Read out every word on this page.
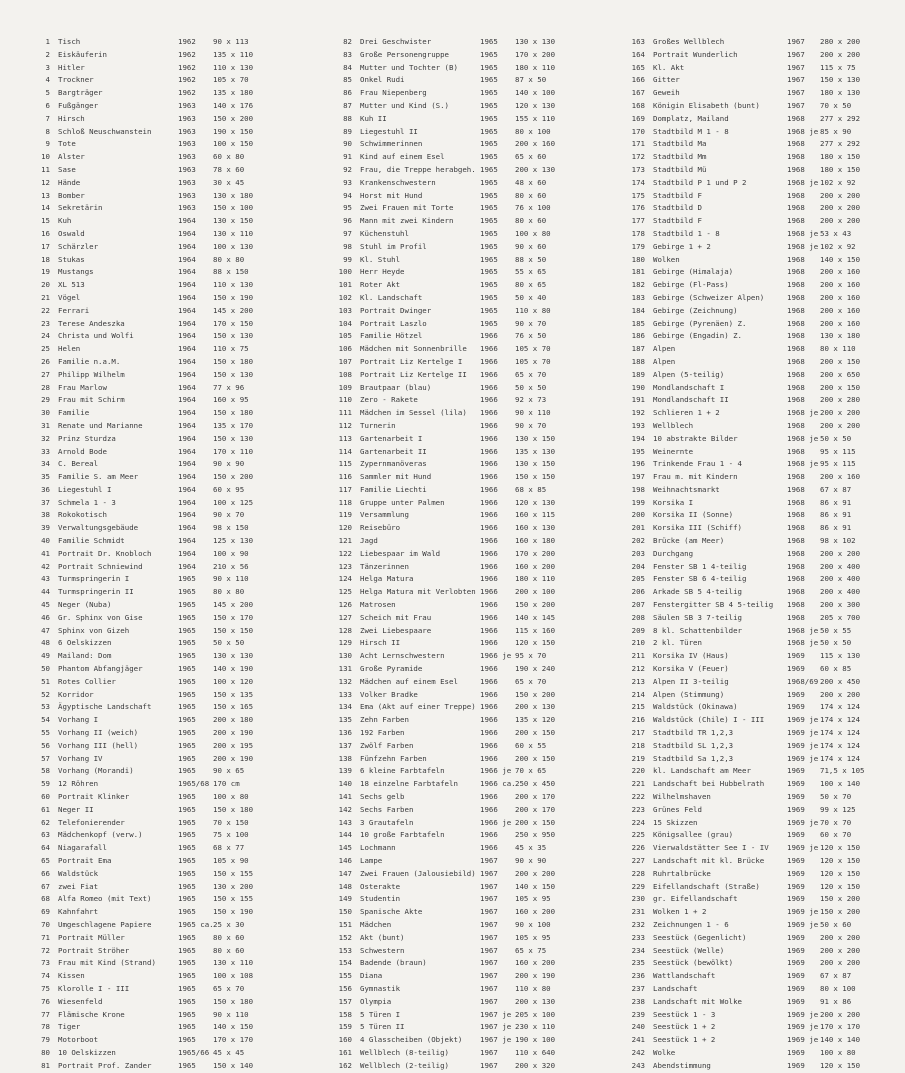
1 Tisch	1962 90 x 113
2 Eiskäuferin	1962 135 x 110
3 Hitler	1962 110 x 130
4 Trockner	1962 105 x 70
5 Bargträger	1962 135 x 180
6 Fußgänger	1963 140 x 176
7 Hirsch	1963 150 x 200
8 Schloß Neuschwanstein	1963 190 x 150
9 Tote	1963 100 x 150
10 Alster	1963 60 x 80
11 Sase	1963 78 x 60
12 Hände	1963 30 x 45
13 Bomber	1963 130 x 180
14 Sekretärin	1963 150 x 100
15 Kuh	1964 130 x 150
16 Oswald	1964 130 x 110
17 Schärzler	1964 100 x 130
18 Stukas	1964 80 x 80
19 Mustangs	1964 88 x 150
20 XL 513	1964 110 x 130
21 Vögel	1964 150 x 190
22 Ferrari	1964 145 x 200
23 Terese Andeszka	1964 170 x 150
24 Christa und Wolfi	1964 150 x 130
25 Helen	1964 110 x 75
26 Familie n.a.M.	1964 150 x 180
27 Philipp Wilhelm	1964 150 x 130
28 Frau Marlow	1964 77 x 96
29 Frau mit Schirm	1964 160 x 95
30 Familie	1964 150 x 180
31 Renate und Marianne	1964 135 x 170
32 Prinz Sturdza	1964 150 x 130
33 Arnold Bode	1964 170 x 110
34 C. Bereal	1964 90 x 90
35 Familie S. am Meer	1964 150 x 200
36 Liegestuhl I	1964 60 x 95
37 Schmela 1 - 3	1964 100 x 125
38 Rokokotisch	1964 90 x 70
39 Verwaltungsgebäude	1964 98 x 150
40 Familie Schmidt	1964 125 x 130
41 Portrait Dr. Knobloch	1964 100 x 90
42 Portrait Schniewind	1964 210 x 56
43 Turmspringerin I	1965 90 x 110
44 Turmspringerin II	1965 80 x 80
45 Neger (Nuba)	1965 145 x 200
46 Gr. Sphinx von Gise	1965 150 x 170
47 Sphinx von Gizeh	1965 150 x 150
48 6 Oelskizzen	1965 50 x 50
49 Mailand: Dom	1965 130 x 130
50 Phantom Abfangjäger	1965 140 x 190
51 Rotes Collier	1965 100 x 120
52 Korridor	1965 150 x 135
53 Ägyptische Landschaft	1965 150 x 165
54 Vorhang I	1965 200 x 180
55 Vorhang II (weich)	1965 200 x 190
56 Vorhang III (hell)	1965 200 x 195
57 Vorhang IV	1965 200 x 190
58 Vorhang (Morandi)	1965 90 x 65
59 12 Röhren	1965/68 170 cm
60 Portrait Klinker	1965 100 x 80
61 Neger II	1965 150 x 180
62 Telefonierender	1965 70 x 150
63 Mädchenkopf (verw.)	1965 75 x 100
64 Niagarafall	1965 68 x 77
65 Portrait Ema	1965 105 x 90
66 Waldstück	1965 150 x 155
67 zwei Fiat	1965 130 x 200
68 Alfa Romeo (mit Text)	1965 150 x 155
69 Kahnfahrt	1965 150 x 190
70 Umgeschlagene Papiere	1965 ca. 25 x 30
71 Portrait Müller	1965 80 x 60
72 Portrait Ströher	1965 80 x 60
73 Frau mit Kind (Strand)	1965 130 x 110
74 Kissen	1965 100 x 108
75 Klorolle I - III	1965 65 x 70
76 Wiesenfeld	1965 150 x 180
77 Flämische Krone	1965 90 x 110
78 Tiger	1965 140 x 150
79 Motorboot	1965 170 x 170
80 10 Oelskizzen	1965/66 45 x 45
81 Portrait Prof. Zander	1965 150 x 140
82 Drei Geschwister	1965 130 x 130
83 Große Personengruppe	1965 170 x 200
84 Mutter und Tochter (B)	1965 180 x 110
85 Onkel Rudi	1965 87 x 50
86 Frau Niepenberg	1965 140 x 100
87 Mutter und Kind (S.)	1965 120 x 130
88 Kuh II	1965 155 x 110
89 Liegestuhl II	1965 80 x 100
90 Schwimmerinnen	1965 200 x 160
91 Kind auf einem Esel	1965 65 x 60
92 Frau, die Treppe herabgeh. 1965 200 x 130
93 Krankenschwestern	1965 48 x 60
94 Horst mit Hund	1965 80 x 60
95 Zwei Frauen mit Torte	1965 76 x 100
96 Mann mit zwei Kindern	1965 80 x 60
97 Küchenstuhl	1965 100 x 80
98 Stuhl im Profil	1965 90 x 60
99 Kl. Stuhl	1965 88 x 50
100 Herr Heyde	1965 55 x 65
101 Roter Akt	1965 80 x 65
102 Kl. Landschaft	1965 50 x 40
103 Portrait Dwinger	1965 110 x 80
104 Portrait Laszlo	1965 90 x 70
105 Familie Hötzel	1966 76 x 50
106 Mädchen mit Sonnenbrille 1966 105 x 70
107 Portrait Liz Kertelge I 1966 105 x 70
108 Portrait Liz Kertelge II 1966 65 x 70
109 Brautpaar (blau)	1966 50 x 50
110 Zero - Rakete	1966 92 x 73
111 Mädchen im Sessel (lila) 1966 90 x 110
112 Turnerin	1966 90 x 70
113 Gartenarbeit I	1966 130 x 150
114 Gartenarbeit II	1966 135 x 130
115 Zypernmanöveras	1966 130 x 150
116 Sammler mit Hund	1966 150 x 150
117 Familie Liechti	1966 68 x 85
118 Gruppe unter Palmen	1966 120 x 130
119 Versammlung	1966 160 x 115
120 Reisebüro	1966 160 x 130
121 Jagd	1966 160 x 180
122 Liebespaar im Wald	1966 170 x 200
123 Tänzerinnen	1966 160 x 200
124 Helga Matura	1966 180 x 110
125 Helga Matura mit Verlobten 1966 200 x 100
126 Matrosen	1966 150 x 200
127 Scheich mit Frau	1966 140 x 145
128 Zwei Liebespaare	1966 115 x 160
129 Hirsch II	1966 120 x 150
130 Acht Lernschwestern	1966 je 95 x 70
131 Große Pyramide	1966 190 x 240
132 Mädchen auf einem Esel	1966 65 x 70
133 Volker Bradke	1966 150 x 200
134 Ema (Akt auf einer Treppe) 1966 200 x 130
135 Zehn Farben	1966 135 x 120
136 192 Farben	1966 200 x 150
137 Zwölf Farben	1966 60 x 55
138 Fünfzehn Farben	1966 200 x 150
139 6 kleine Farbtafeln	1966 je 70 x 65
140 18 einzelne Farbtafeln	1966 ca. 250 x 450
141 Sechs gelb	1966 200 x 170
142 Sechs Farben	1966 200 x 170
143 3 Grautafeln	1966 je 200 x 150
144 10 große Farbtafeln	1966 250 x 950
145 Lochmann	1966 45 x 35
146 Lampe	1967 90 x 90
147 Zwei Frauen (Jalousiebild) 1967 200 x 200
148 Osterakte	1967 140 x 150
149 Studentin	1967 105 x 95
150 Spanische Akte	1967 160 x 200
151 Mädchen	1967 90 x 100
152 Akt (bunt)	1967 105 x 95
153 Schwestern	1967 65 x 75
154 Badende (braun)	1967 160 x 200
155 Diana	1967 200 x 190
156 Gymnastik	1967 110 x 80
157 Olympia	1967 200 x 130
158 5 Türen I	1967 je 205 x 100
159 5 Türen II	1967 je 230 x 110
160 4 Glasscheiben (Objekt) 1967 je 190 x 100
161 Wellblech (8-teilig)	1967 110 x 640
162 Wellblech (2-teilig)	1967 200 x 320
163 Großes Wellblech	1967 280 x 200
164 Portrait Wunderlich	1967 200 x 200
165 Kl. Akt	1967 115 x 75
166 Gitter	1967 150 x 130
167 Geweih	1967 180 x 130
168 Königin Elisabeth (bunt)	1967 70 x 50
169 Domplatz, Mailand	1968 277 x 292
170 Stadtbild M 1 - 8	1968 je 85 x 90
171 Stadtbild Ma	1968 277 x 292
172 Stadtbild Mm	1968 180 x 150
173 Stadtbild Mü	1968 180 x 150
174 Stadtbild P 1 und P 2	1968 je 102 x 92
175 Stadtbild F	1968 200 x 200
176 Stadtbild D	1968 200 x 200
177 Stadtbild F	1968 200 x 200
178 Stadtbild 1 - 8	1968 je 53 x 43
179 Gebirge 1 + 2	1968 je 102 x 92
180 Wolken	1968 140 x 150
181 Gebirge (Himalaja)	1968 200 x 160
182 Gebirge (Fl-Pass)	1968 200 x 160
183 Gebirge (Schweizer Alpen)	1968 200 x 160
184 Gebirge (Zeichnung)	1968 200 x 160
185 Gebirge (Pyrenäen) Z.	1968 200 x 160
186 Gebirge (Engadin) Z.	1968 130 x 180
187 Alpen	1968 80 x 110
188 Alpen	1968 200 x 150
189 Alpen (5-teilig)	1968 200 x 650
190 Mondlandschaft I	1968 200 x 150
191 Mondlandschaft II	1968 200 x 280
192 Schlieren 1 + 2	1968 je 200 x 200
193 Wellblech	1968 200 x 200
194 10 abstrakte Bilder	1968 je 50 x 50
195 Weinernte	1968 95 x 115
196 Trinkende Frau 1 - 4	1968 je 95 x 115
197 Frau m. mit Kindern	1968 200 x 160
198 Weihnachtsmarkt	1968 67 x 87
199 Korsika I	1968 86 x 91
200 Korsika II (Sonne)	1968 86 x 91
201 Korsika III (Schiff)	1968 86 x 91
202 Brücke (am Meer)	1968 98 x 102
203 Durchgang	1968 200 x 200
204 Fenster SB 1 4-teilig	1968 200 x 400
205 Fenster SB 6 4-teilig	1968 200 x 400
206 Arkade SB 5 4-teilig	1968 200 x 400
207 Fenstergitter SB 4 5-teilig 1968 200 x 300
208 Säulen SB 3 7-teilig	1968 205 x 700
209 8 kl. Schattenbilder	1968 je 50 x 55
210 2 kl. Türen	1968 je 50 x 50
211 Korsika IV (Haus)	1969 115 x 130
212 Korsika V (Feuer)	1969 60 x 85
213 Alpen II 3-teilig	1968/69 200 x 450
214 Alpen (Stimmung)	1969 200 x 200
215 Waldstück (Okinawa)	1969 174 x 124
216 Waldstück (Chile) I - III	1969 je 174 x 124
217 Stadtbild TR 1,2,3	1969 je 174 x 124
218 Stadtbild SL 1,2,3	1969 je 174 x 124
219 Stadtbild Sa 1,2,3	1969 je 174 x 124
220 kl. Landschaft am Meer	1969 71,5 x 105
221 Landschaft bei Hubbelrath	1969 100 x 140
222 Wilhelmshaven	1969 50 x 70
223 Grünes Feld	1969 99 x 125
224 15 Skizzen	1969 je 70 x 70
225 Königsallee (grau)	1969 60 x 70
226 Vierwaldstätter See I - IV 1969 je 120 x 150
227 Landschaft mit kl. Brücke	1969 120 x 150
228 Ruhrtalbrücke	1969 120 x 150
229 Eifellandschaft (Straße)	1969 120 x 150
230 gr. Eifellandschaft	1969 150 x 200
231 Wolken 1 + 2	1969 je 150 x 200
232 Zeichnungen 1 - 6	1969 je 50 x 60
233 Seestück (Gegenlicht)	1969 200 x 200
234 Seestück (Welle)	1969 200 x 200
235 Seestück (bewölkt)	1969 200 x 200
236 Wattlandschaft	1969 67 x 87
237 Landschaft	1969 80 x 100
238 Landschaft mit Wolke	1969 91 x 86
239 Seestück 1 - 3	1969 je 200 x 200
240 Seestück 1 + 2	1969 je 170 x 170
241 Seestück 1 + 2	1969 je 140 x 140
242 Wolke	1969 100 x 80
243 Abendstimmung	1969 120 x 150
